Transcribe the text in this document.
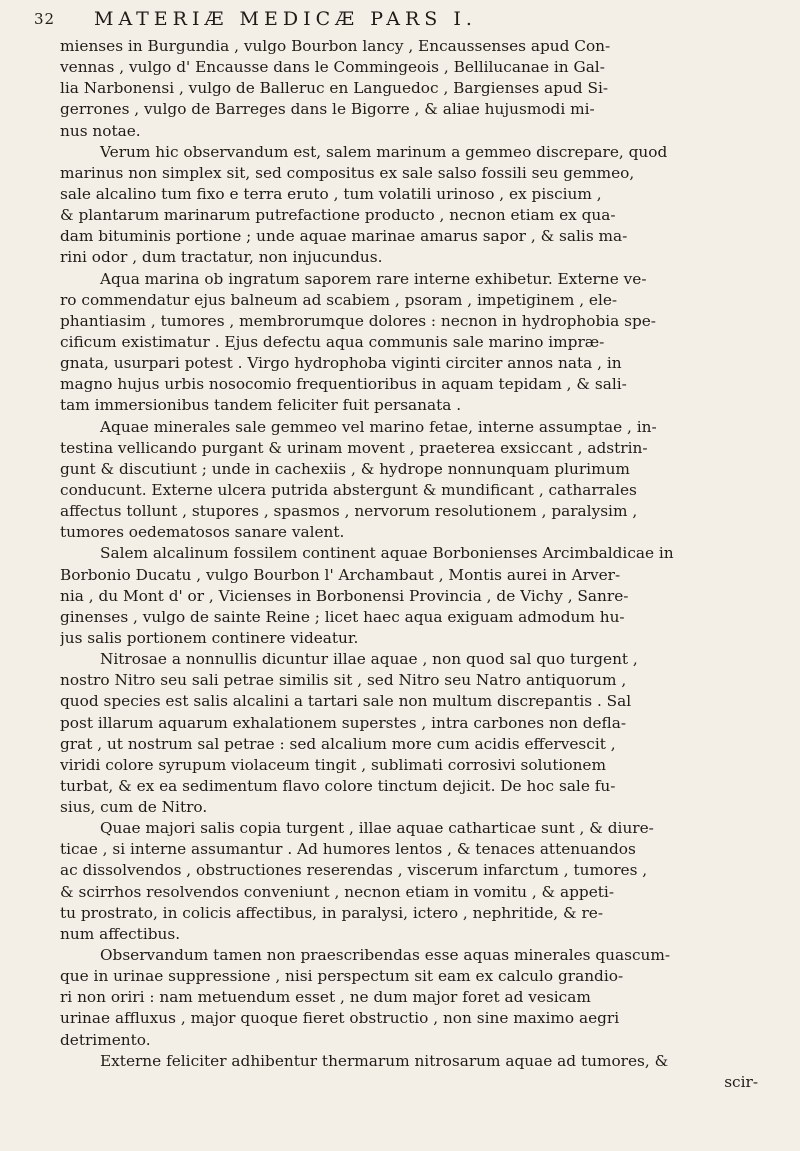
32 MATERIÆ MEDICÆ PARS I.
mienses in Burgundia , vulgo Bourbon lancy , Encaussenses apud Con-
vennas , vulgo d' Encausse dans le Commingeois , Bellilucanae in Gal-
lia Narbonensi , vulgo de Balleruc en Languedoc , Bargienses apud Si-
gerrones , vulgo de Barreges dans le Bigorre , & aliae hujusmodi mi-
nus notae.
Verum hic observandum est, salem marinum a gemmeo discrepare, quod
marinus non simplex sit, sed compositus ex sale salso fossili seu gemmeo,
sale alcalino tum fixo e terra eruto , tum volatili urinoso , ex piscium ,
& plantarum marinarum putrefactione producto , necnon etiam ex qua-
dam bituminis portione ; unde aquae marinae amarus sapor , & salis ma-
rini odor , dum tractatur, non injucundus.
Aqua marina ob ingratum saporem rare interne exhibetur. Externe ve-
ro commendatur ejus balneum ad scabiem , psoram , impetiginem , ele-
phantiasim , tumores , membrorumque dolores : necnon in hydrophobia spe-
cificum existimatur . Ejus defectu aqua communis sale marino impræ-
gnata, usurpari potest . Virgo hydrophoba viginti circiter annos nata , in
magno hujus urbis nosocomio frequentioribus in aquam tepidam , & sali-
tam immersionibus tandem feliciter fuit persanata .
Aquae minerales sale gemmeo vel marino fetae, interne assumptae , in-
testina vellicando purgant & urinam movent , praeterea exsiccant , adstrin-
gunt & discutiunt ; unde in cachexiis , & hydrope nonnunquam plurimum
conducunt. Externe ulcera putrida abstergunt & mundificant , catharrales
affectus tollunt , stupores , spasmos , nervorum resolutionem , paralysim ,
tumores oedematosos sanare valent.
Salem alcalinum fossilem continent aquae Borbonienses Arcimbaldicae in
Borbonio Ducatu , vulgo Bourbon l' Archambaut , Montis aurei in Arver-
nia , du Mont d' or , Vicienses in Borbonensi Provincia , de Vichy , Sanre-
ginenses , vulgo de sainte Reine ; licet haec aqua exiguam admodum hu-
jus salis portionem continere videatur.
Nitrosae a nonnullis dicuntur illae aquae , non quod sal quo turgent ,
nostro Nitro seu sali petrae similis sit , sed Nitro seu Natro antiquorum ,
quod species est salis alcalini a tartari sale non multum discrepantis . Sal
post illarum aquarum exhalationem superstes , intra carbones non defla-
grat , ut nostrum sal petrae : sed alcalium more cum acidis effervescit ,
viridi colore syrupum violaceum tingit , sublimati corrosivi solutionem
turbat, & ex ea sedimentum flavo colore tinctum dejicit. De hoc sale fu-
sius, cum de Nitro.
Quae majori salis copia turgent , illae aquae catharticae sunt , & diure-
ticae , si interne assumantur . Ad humores lentos , & tenaces attenuandos
ac dissolvendos , obstructiones reserendas , viscerum infarctum , tumores ,
& scirrhos resolvendos conveniunt , necnon etiam in vomitu , & appeti-
tu prostrato, in colicis affectibus, in paralysi, ictero , nephritide, & re-
num affectibus.
Observandum tamen non praescribendas esse aquas minerales quascum-
que in urinae suppressione , nisi perspectum sit eam ex calculo grandio-
ri non oriri : nam metuendum esset , ne dum major foret ad vesicam
urinae affluxus , major quoque fieret obstructio , non sine maximo aegri
detrimento.
Externe feliciter adhibentur thermarum nitrosarum aquae ad tumores, &
scir-
